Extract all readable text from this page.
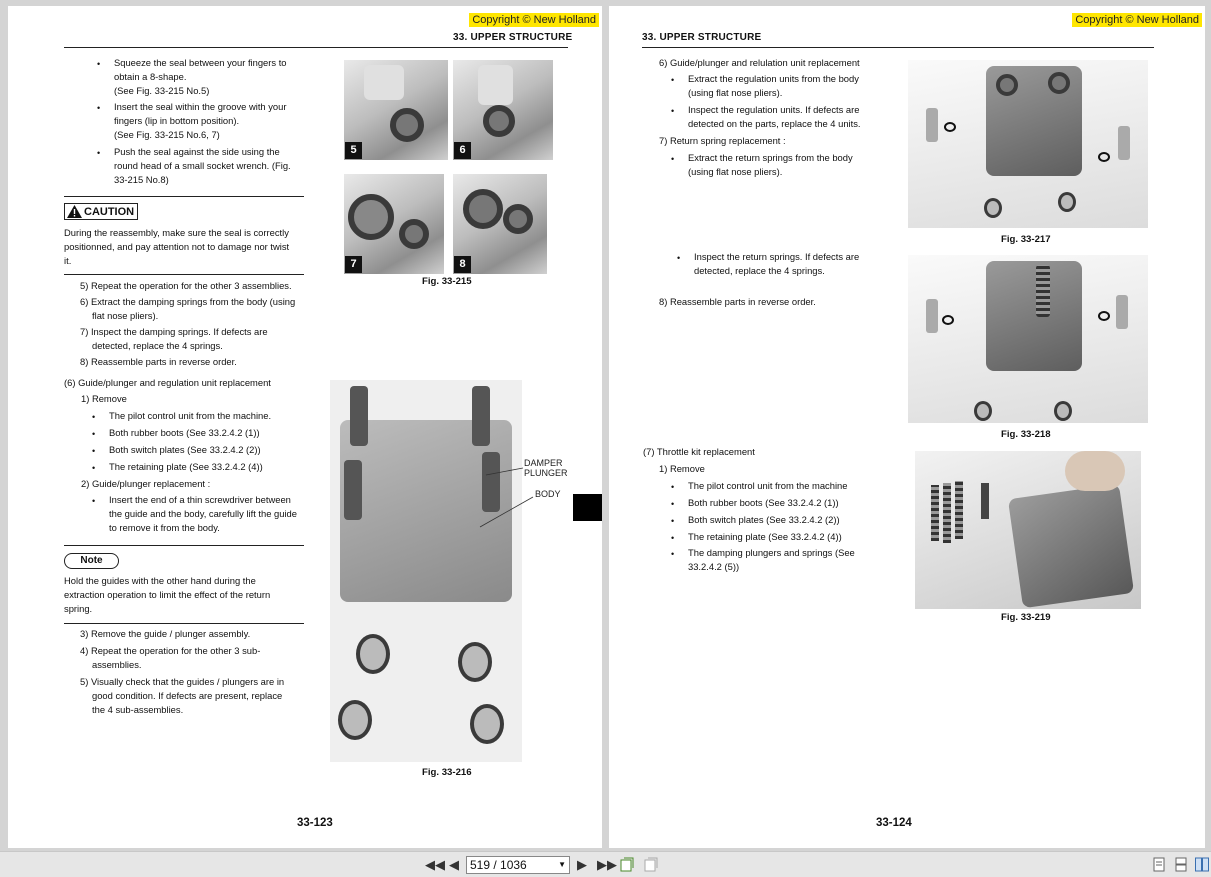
Copyright © New Holland
33. UPPER STRUCTURE
• Squeeze the seal between your fingers to
obtain a 8-shape.
(See Fig. 33-215 No.5)
• Insert the seal within the groove with your
fingers (lip in bottom position).
(See Fig. 33-215 No.6, 7)
• Push the seal against the side using the
round head of a small socket wrench. (Fig.
33-215 No.8)
CAUTION
During the reassembly, make sure the seal is correctly
positionned, and pay attention not to damage nor twist
it.
5) Repeat the operation for the other 3 assemblies.
6) Extract the damping springs from the body (using
flat nose pliers).
7) Inspect the damping springs. If defects are
detected, replace the 4 springs.
8) Reassemble parts in reverse order.
(6) Guide/plunger and regulation unit replacement
1) Remove
• The pilot control unit from the machine.
• Both rubber boots (See 33.2.4.2 (1))
• Both switch plates (See 33.2.4.2 (2))
• The retaining plate (See 33.2.4.2 (4))
2) Guide/plunger replacement :
• Insert the end of a thin screwdriver between
the guide and the body, carefully lift the guide
to remove it from the body.
Note
Hold the guides with the other hand during the
extraction operation to limit the effect of the return
spring.
3) Remove the guide / plunger assembly.
4) Repeat the operation for the other 3 sub-
assemblies.
5) Visually check that the guides / plungers are in
good condition. If defects are present, replace
the 4 sub-assemblies.
5	6
7	8
Fig. 33-215
DAMPER
PLUNGER
BODY
Fig. 33-216
33-123
Copyright © New Holland
33. UPPER STRUCTURE
6) Guide/plunger and relulation unit replacement
• Extract the regulation units from the body
(using flat nose pliers).
• Inspect the regulation units. If defects are
detected on the parts, replace the 4 units.
7) Return spring replacement :
• Extract the return springs from the body
(using flat nose pliers).
• Inspect the return springs. If defects are
detected, replace the 4 springs.
8) Reassemble parts in reverse order.
(7) Throttle kit replacement
1) Remove
• The pilot control unit from the machine
• Both rubber boots (See 33.2.4.2 (1))
• Both switch plates (See 33.2.4.2 (2))
• The retaining plate (See 33.2.4.2 (4))
• The damping plungers and springs (See
33.2.4.2 (5))
Fig. 33-217
Fig. 33-218
Fig. 33-219
33-124
◀◀ ◀ 519 / 1036	▼ ▶ ▶▶
